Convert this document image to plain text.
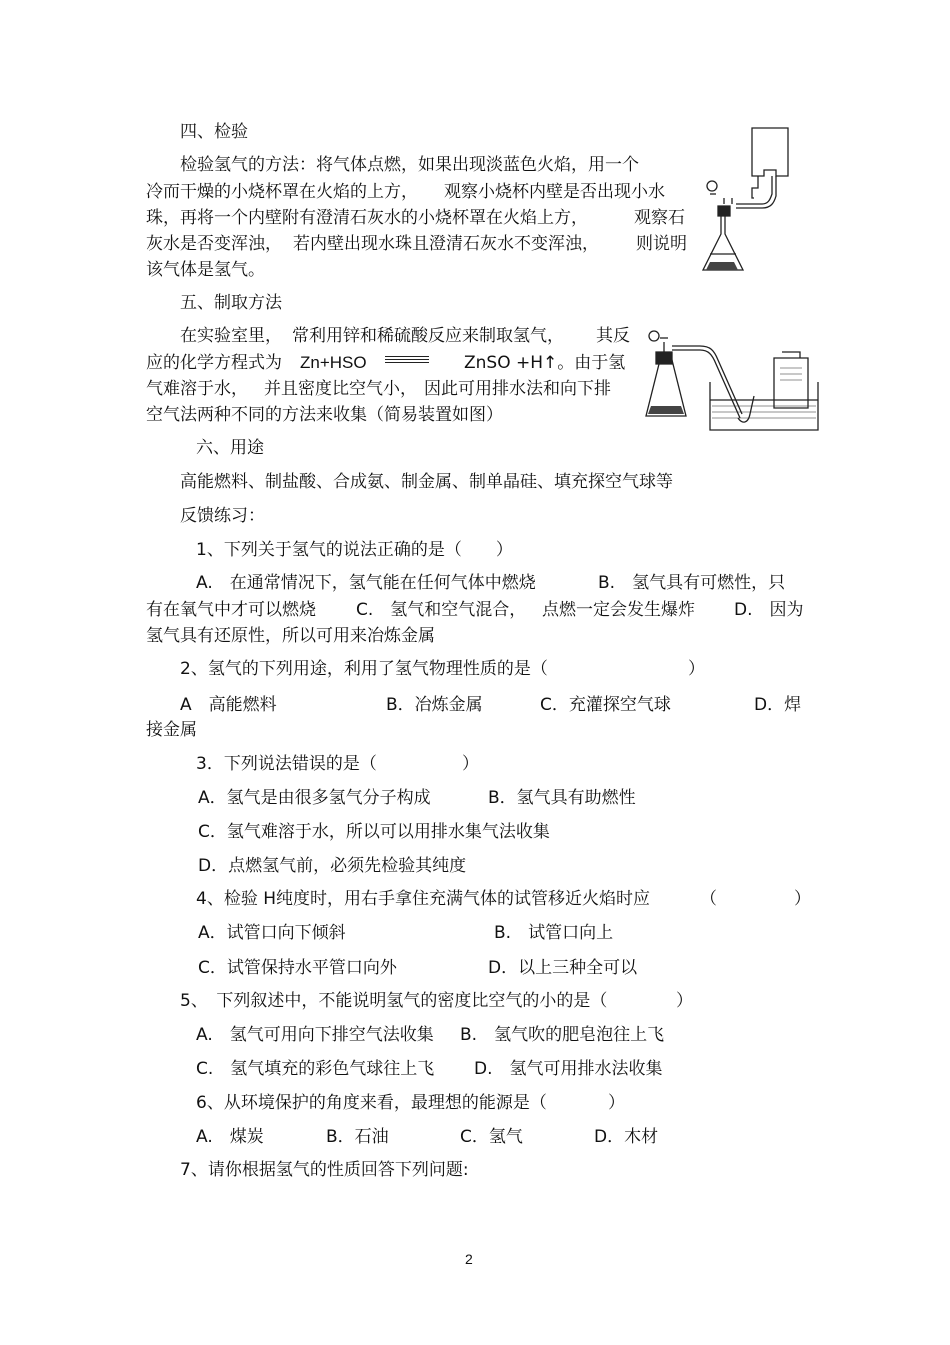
四、检验
检验氢气的方法：将气体点燃，如果出现淡蓝色火焰，用一个
冷而干燥的小烧杯罩在火焰的上方， 观察小烧杯内壁是否出现小水
珠，再将一个内壁附有澄清石灰水的小烧杯罩在火焰上方，	观察石
灰水是否变浑浊， 若内壁出现水珠且澄清石灰水不变浑浊， 则说明
该气体是氢气。
五、制取方法
在实验室里， 常利用锌和稀硫酸反应来制取氢气， 其反
应的化学方程式为 Zn+HSO	ZnSO +H↑。由于氢
气难溶于水， 并且密度比空气小， 因此可用排水法和向下排
空气法两种不同的方法来收集（简易装置如图）
六、用途
高能燃料、制盐酸、合成氨、制金属、制单晶硅、填充探空气球等
反馈练习：
1、下列关于氢气的说法正确的是（　　）
A.　在通常情况下，氢气能在任何气体中燃烧	B.　氢气具有可燃性，只
有在氧气中才可以燃烧 C.　氢气和空气混合， 点燃一定会发生爆炸 D.　因为
氢气具有还原性，所以可用来冶炼金属
2、氢气的下列用途，利用了氢气物理性质的是（	）
A　高能燃料	B．冶炼金属	C．充灌探空气球	D．焊
接金属
3．下列说法错误的是（	）
A．氢气是由很多氢气分子构成	B．氢气具有助燃性
C．氢气难溶于水，所以可以用排水集气法收集
D．点燃氢气前，必须先检验其纯度
4、检验 H纯度时，用右手拿住充满气体的试管移近火焰时应	（	）
A．试管口向下倾斜	B.　试管口向上
C．试管保持水平管口向外	D．以上三种全可以
5、　下列叙述中，不能说明氢气的密度比空气的小的是（	）
A.　氢气可用向下排空气法收集 B.　氢气吹的肥皂泡往上飞
C.　氢气填充的彩色气球往上飞 D.　氢气可用排水法收集
6、从环境保护的角度来看，最理想的能源是（	）
A.　煤炭	B．石油	C．氢气	D．木材
7、请你根据氢气的性质回答下列问题:
2
